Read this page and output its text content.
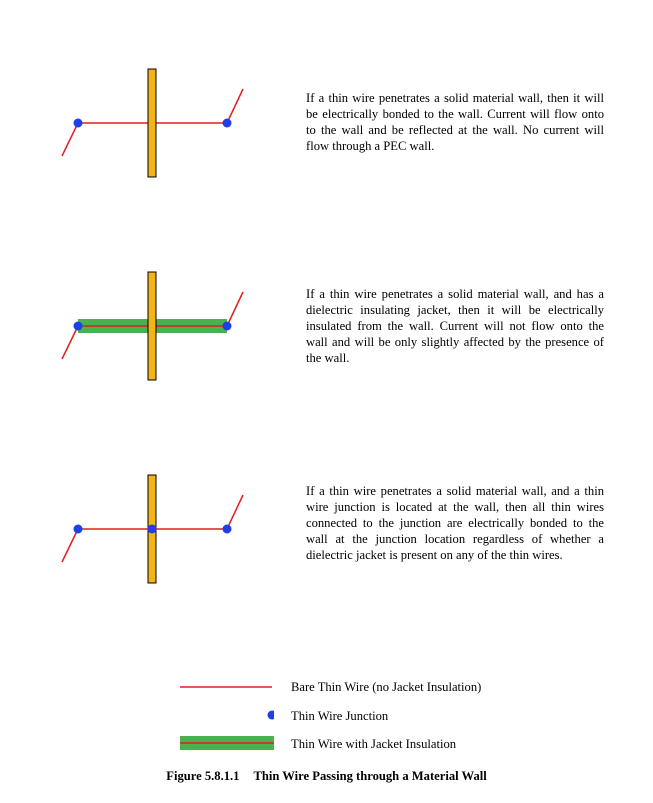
If a thin wire penetrates a solid material wall, then it will be electrically bonded to the wall. Current will flow onto to the wall and be reflected at the wall. No current will flow through a PEC wall.
If a thin wire penetrates a solid material wall, and has a dielectric insulating jacket, then it will be electrically insulated from the wall. Current will not flow onto the wall and will be only slightly affected by the presence of the wall.
If a thin wire penetrates a solid material wall, and a thin wire junction is located at the wall, then all thin wires connected to the junction are electrically bonded to the wall at the junction location regardless of whether a dielectric jacket is present on any of the thin wires.
Bare Thin Wire (no Jacket Insulation)
Thin Wire Junction
Thin Wire with Jacket Insulation
Figure 5.8.1.1 Thin Wire Passing through a Material Wall
